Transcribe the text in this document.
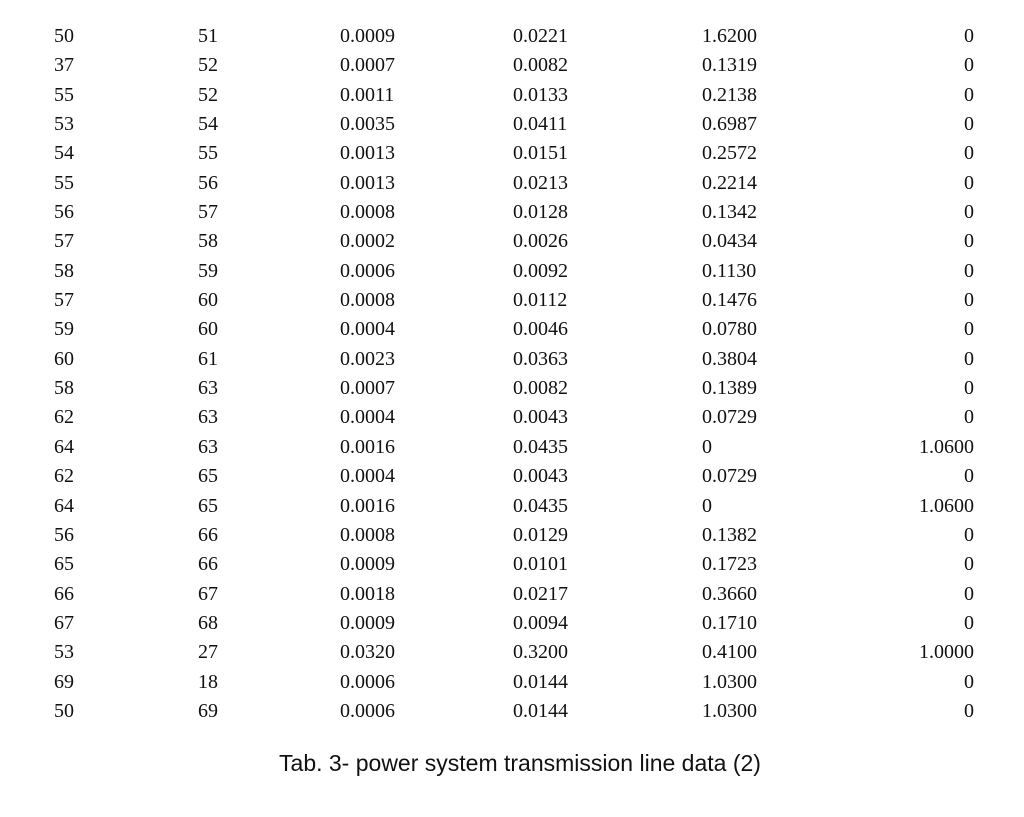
50	51	0.0009	0.0221	1.6200	0
37	52	0.0007	0.0082	0.1319	0
55	52	0.0011	0.0133	0.2138	0
53	54	0.0035	0.0411	0.6987	0
54	55	0.0013	0.0151	0.2572	0
55	56	0.0013	0.0213	0.2214	0
56	57	0.0008	0.0128	0.1342	0
57	58	0.0002	0.0026	0.0434	0
58	59	0.0006	0.0092	0.1130	0
57	60	0.0008	0.0112	0.1476	0
59	60	0.0004	0.0046	0.0780	0
60	61	0.0023	0.0363	0.3804	0
58	63	0.0007	0.0082	0.1389	0
62	63	0.0004	0.0043	0.0729	0
64	63	0.0016	0.0435	0	1.0600
62	65	0.0004	0.0043	0.0729	0
64	65	0.0016	0.0435	0	1.0600
56	66	0.0008	0.0129	0.1382	0
65	66	0.0009	0.0101	0.1723	0
66	67	0.0018	0.0217	0.3660	0
67	68	0.0009	0.0094	0.1710	0
53	27	0.0320	0.3200	0.4100	1.0000
69	18	0.0006	0.0144	1.0300	0
50	69	0.0006	0.0144	1.0300	0
Tab. 3- power system transmission line data (2)
